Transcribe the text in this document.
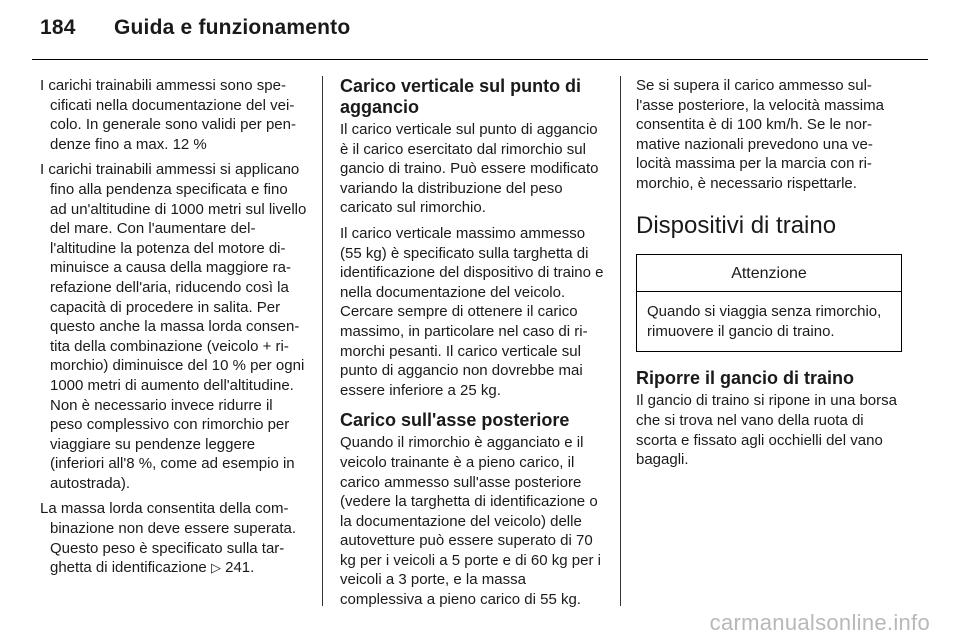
184 Guida e funzionamento

I carichi trainabili ammessi sono specificati nella documentazione del veicolo. In generale sono validi per pendenze fino a max. 12 %

I carichi trainabili ammessi si applicano fino alla pendenza specificata e fino ad un'altitudine di 1000 metri sul livello del mare. Con l'aumentare dell'altitudine la potenza del motore diminuisce a causa della maggiore rarefazione dell'aria, riducendo così la capacità di procedere in salita. Per questo anche la massa lorda consentita della combinazione (veicolo + rimorchio) diminuisce del 10 % per ogni 1000 metri di aumento dell'altitudine. Non è necessario invece ridurre il peso complessivo con rimorchio per viaggiare su pendenze leggere (inferiori all'8 %, come ad esempio in autostrada).

La massa lorda consentita della combinazione non deve essere superata. Questo peso è specificato sulla targhetta di identificazione ▷ 241.

Carico verticale sul punto di aggancio

Il carico verticale sul punto di aggancio è il carico esercitato dal rimorchio sul gancio di traino. Può essere modificato variando la distribuzione del peso caricato sul rimorchio.

Il carico verticale massimo ammesso (55 kg) è specificato sulla targhetta di identificazione del dispositivo di traino e nella documentazione del veicolo. Cercare sempre di ottenere il carico massimo, in particolare nel caso di rimorchi pesanti. Il carico verticale sul punto di aggancio non dovrebbe mai essere inferiore a 25 kg.

Carico sull'asse posteriore

Quando il rimorchio è agganciato e il veicolo trainante è a pieno carico, il carico ammesso sull'asse posteriore (vedere la targhetta di identificazione o la documentazione del veicolo) delle autovetture può essere superato di 70 kg per i veicoli a 5 porte e di 60 kg per i veicoli a 3 porte, e la massa complessiva a pieno carico di 55 kg.

Se si supera il carico ammesso sull'asse posteriore, la velocità massima consentita è di 100 km/h. Se le normative nazionali prevedono una velocità massima per la marcia con rimorchio, è necessario rispettarle.

Dispositivi di traino
Attenzione
Quando si viaggia senza rimorchio, rimuovere il gancio di traino.
Riporre il gancio di traino

Il gancio di traino si ripone in una borsa che si trova nel vano della ruota di scorta e fissato agli occhielli del vano bagagli.

carmanualsonline.info
